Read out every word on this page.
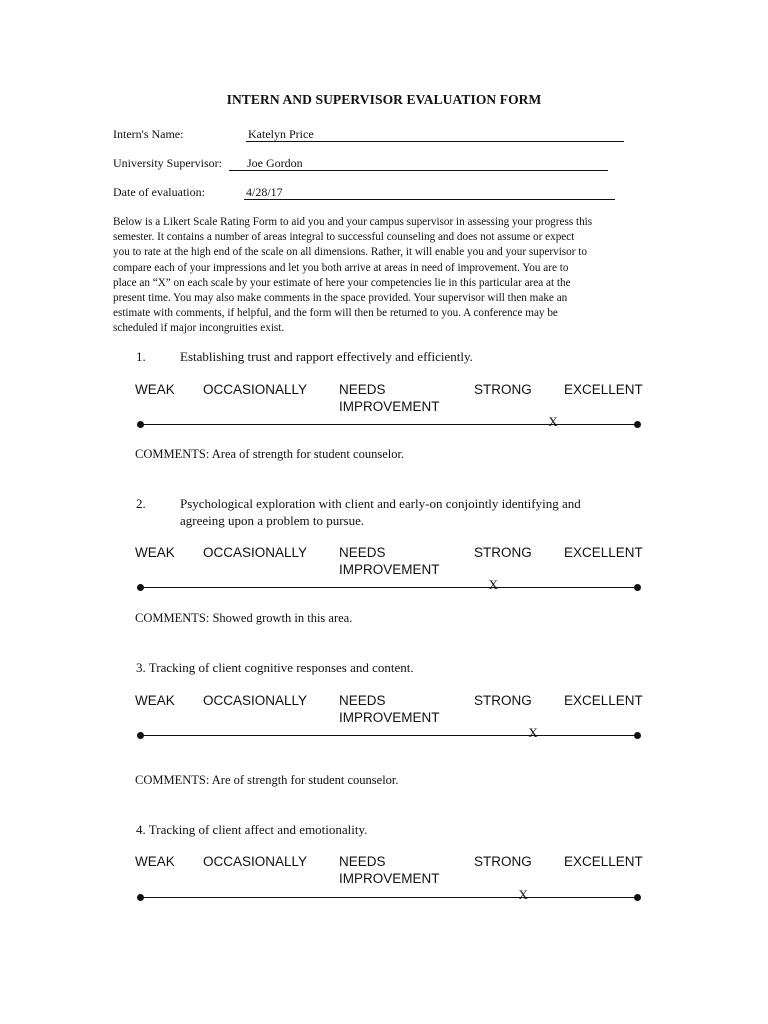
INTERN AND SUPERVISOR EVALUATION FORM
Intern's Name:	Katelyn Price
University Supervisor:	Joe Gordon
Date of evaluation:	4/28/17
Below is a Likert Scale Rating Form to aid you and your campus supervisor in assessing your progress this
semester. It contains a number of areas integral to successful counseling and does not assume or expect
you to rate at the high end of the scale on all dimensions. Rather, it will enable you and your supervisor to
compare each of your impressions and let you both arrive at areas in need of improvement. You are to
place an “X” on each scale by your estimate of here your competencies lie in this particular area at the
present time. You may also make comments in the space provided. Your supervisor will then make an
estimate with comments, if helpful, and the form will then be returned to you. A conference may be
scheduled if major incongruities exist.
1.	Establishing trust and rapport effectively and efficiently.
WEAK OCCASIONALLY NEEDS
IMPROVEMENT
STRONG EXCELLENT
X
COMMENTS: Area of strength for student counselor.
2.	Psychological exploration with client and early-on conjointly identifying and
agreeing upon a problem to pursue.
WEAK OCCASIONALLY NEEDS
IMPROVEMENT
STRONG EXCELLENT
X
COMMENTS: Showed growth in this area.
3. Tracking of client cognitive responses and content.
WEAK OCCASIONALLY NEEDS
IMPROVEMENT
STRONG EXCELLENT
X
COMMENTS: Are of strength for student counselor.
4. Tracking of client affect and emotionality.
WEAK OCCASIONALLY NEEDS
IMPROVEMENT
STRONG EXCELLENT
X
